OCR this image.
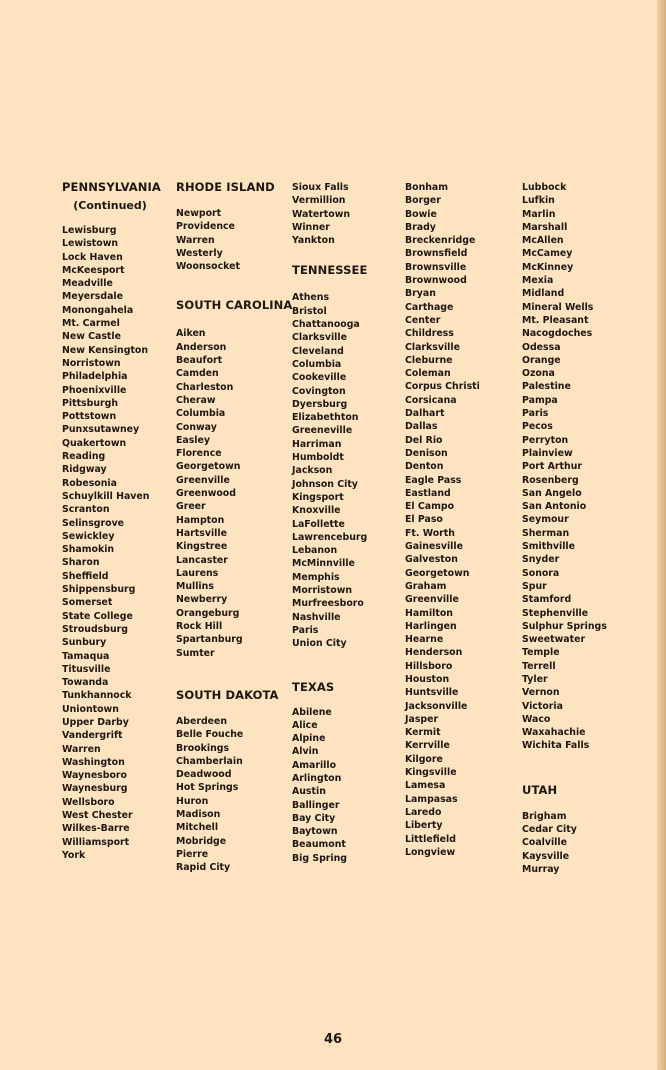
PENNSYLVANIA
(Continued)
Lewisburg
Lewistown
Lock Haven
McKeesport
Meadville
Meyersdale
Monongahela
Mt. Carmel
New Castle
New Kensington
Norristown
Philadelphia
Phoenixville
Pittsburgh
Pottstown
Punxsutawney
Quakertown
Reading
Ridgway
Robesonia
Schuylkill Haven
Scranton
Selinsgrove
Sewickley
Shamokin
Sharon
Sheffield
Shippensburg
Somerset
State College
Stroudsburg
Sunbury
Tamaqua
Titusville
Towanda
Tunkhannock
Uniontown
Upper Darby
Vandergrift
Warren
Washington
Waynesboro
Waynesburg
Wellsboro
West Chester
Wilkes-Barre
Williamsport
York
RHODE ISLAND
Newport
Providence
Warren
Westerly
Woonsocket
SOUTH CAROLINA
Aiken
Anderson
Beaufort
Camden
Charleston
Cheraw
Columbia
Conway
Easley
Florence
Georgetown
Greenville
Greenwood
Greer
Hampton
Hartsville
Kingstree
Lancaster
Laurens
Mullins
Newberry
Orangeburg
Rock Hill
Spartanburg
Sumter
SOUTH DAKOTA
Aberdeen
Belle Fouche
Brookings
Chamberlain
Deadwood
Hot Springs
Huron
Madison
Mitchell
Mobridge
Pierre
Rapid City
Sioux Falls
Vermillion
Watertown
Winner
Yankton
TENNESSEE
Athens
Bristol
Chattanooga
Clarksville
Cleveland
Columbia
Cookeville
Covington
Dyersburg
Elizabethton
Greeneville
Harriman
Humboldt
Jackson
Johnson City
Kingsport
Knoxville
LaFollette
Lawrenceburg
Lebanon
McMinnville
Memphis
Morristown
Murfreesboro
Nashville
Paris
Union City
TEXAS
Abilene
Alice
Alpine
Alvin
Amarillo
Arlington
Austin
Ballinger
Bay City
Baytown
Beaumont
Big Spring
Bonham
Borger
Bowie
Brady
Breckenridge
Brownsfield
Brownsville
Brownwood
Bryan
Carthage
Center
Childress
Clarksville
Cleburne
Coleman
Corpus Christi
Corsicana
Dalhart
Dallas
Del Rio
Denison
Denton
Eagle Pass
Eastland
El Campo
El Paso
Ft. Worth
Gainesville
Galveston
Georgetown
Graham
Greenville
Hamilton
Harlingen
Hearne
Henderson
Hillsboro
Houston
Huntsville
Jacksonville
Jasper
Kermit
Kerrville
Kilgore
Kingsville
Lamesa
Lampasas
Laredo
Liberty
Littlefield
Longview
Lubbock
Lufkin
Marlin
Marshall
McAllen
McCamey
McKinney
Mexia
Midland
Mineral Wells
Mt. Pleasant
Nacogdoches
Odessa
Orange
Ozona
Palestine
Pampa
Paris
Pecos
Perryton
Plainview
Port Arthur
Rosenberg
San Angelo
San Antonio
Seymour
Sherman
Smithville
Snyder
Sonora
Spur
Stamford
Stephenville
Sulphur Springs
Sweetwater
Temple
Terrell
Tyler
Vernon
Victoria
Waco
Waxahachie
Wichita Falls
UTAH
Brigham
Cedar City
Coalville
Kaysville
Murray
46
